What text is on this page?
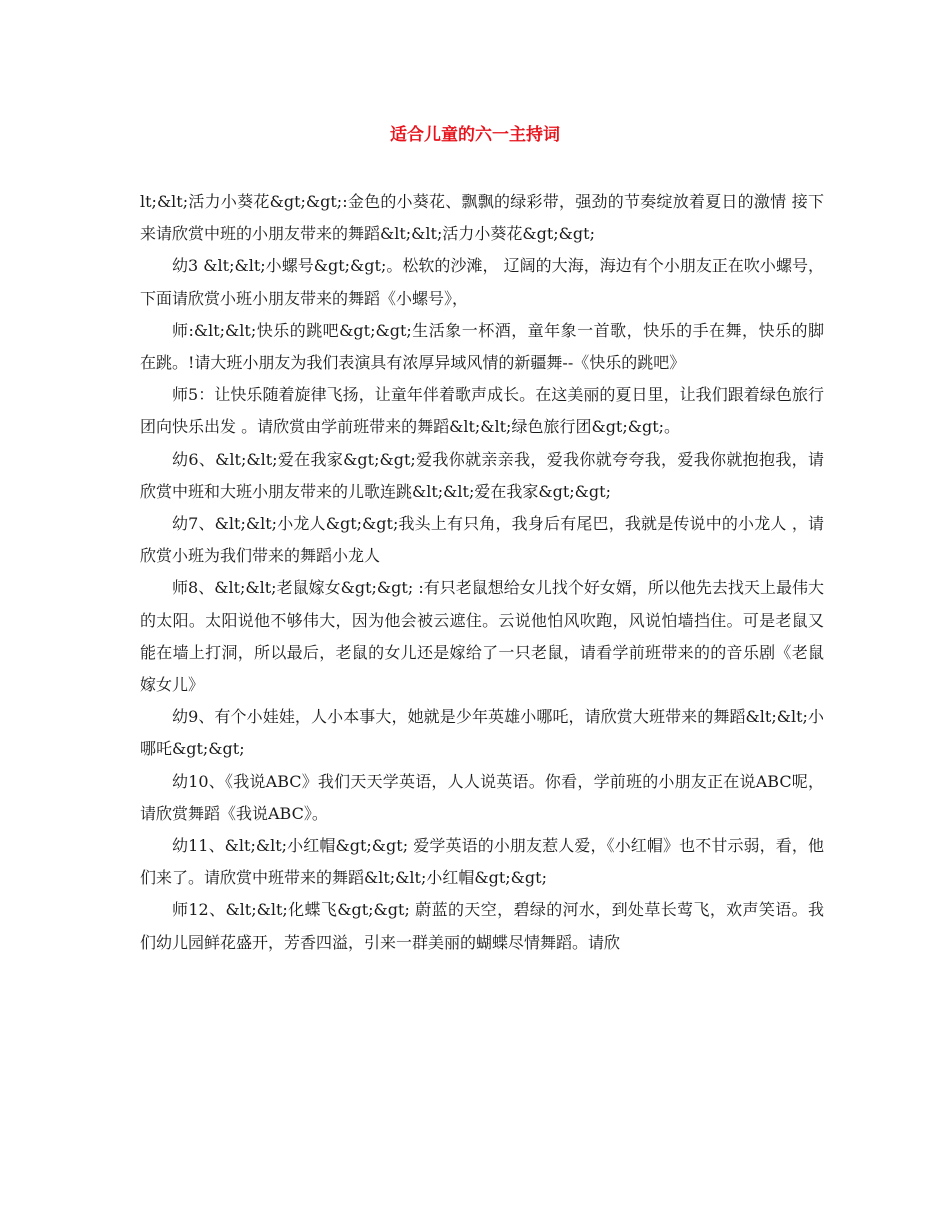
适合儿童的六一主持词

lt;&lt;活力小葵花&gt;&gt;:金色的小葵花、飘飘的绿彩带，强劲的节奏绽放着夏日的激情 接下来请欣赏中班的小朋友带来的舞蹈&lt;&lt;活力小葵花&gt;&gt;

幼3 &lt;&lt;小螺号&gt;&gt;。松软的沙滩， 辽阔的大海，海边有个小朋友正在吹小螺号，下面请欣赏小班小朋友带来的舞蹈《小螺号》，

师:&lt;&lt;快乐的跳吧&gt;&gt;生活象一杯酒，童年象一首歌，快乐的手在舞，快乐的脚在跳。!请大班小朋友为我们表演具有浓厚异域风情的新疆舞--《快乐的跳吧》

师5：让快乐随着旋律飞扬，让童年伴着歌声成长。在这美丽的夏日里，让我们跟着绿色旅行团向快乐出发 。请欣赏由学前班带来的舞蹈&lt;&lt;绿色旅行团&gt;&gt;。

幼6、&lt;&lt;爱在我家&gt;&gt;爱我你就亲亲我，爱我你就夸夸我，爱我你就抱抱我，请欣赏中班和大班小朋友带来的儿歌连跳&lt;&lt;爱在我家&gt;&gt;

幼7、&lt;&lt;小龙人&gt;&gt;我头上有只角，我身后有尾巴，我就是传说中的小龙人 ，请欣赏小班为我们带来的舞蹈小龙人

师8、&lt;&lt;老鼠嫁女&gt;&gt; :有只老鼠想给女儿找个好女婿，所以他先去找天上最伟大的太阳。太阳说他不够伟大，因为他会被云遮住。云说他怕风吹跑，风说怕墙挡住。可是老鼠又能在墙上打洞，所以最后，老鼠的女儿还是嫁给了一只老鼠，请看学前班带来的的音乐剧《老鼠嫁女儿》

幼9、有个小娃娃，人小本事大，她就是少年英雄小哪吒，请欣赏大班带来的舞蹈&lt;&lt;小哪吒&gt;&gt;

幼10、《我说ABC》我们天天学英语，人人说英语。你看，学前班的小朋友正在说ABC呢，请欣赏舞蹈《我说ABC》。

幼11、&lt;&lt;小红帽&gt;&gt; 爱学英语的小朋友惹人爱，《小红帽》也不甘示弱，看，他们来了。请欣赏中班带来的舞蹈&lt;&lt;小红帽&gt;&gt;

师12、&lt;&lt;化蝶飞&gt;&gt; 蔚蓝的天空，碧绿的河水，到处草长莺飞，欢声笑语。我们幼儿园鲜花盛开，芳香四溢，引来一群美丽的蝴蝶尽情舞蹈。请欣
